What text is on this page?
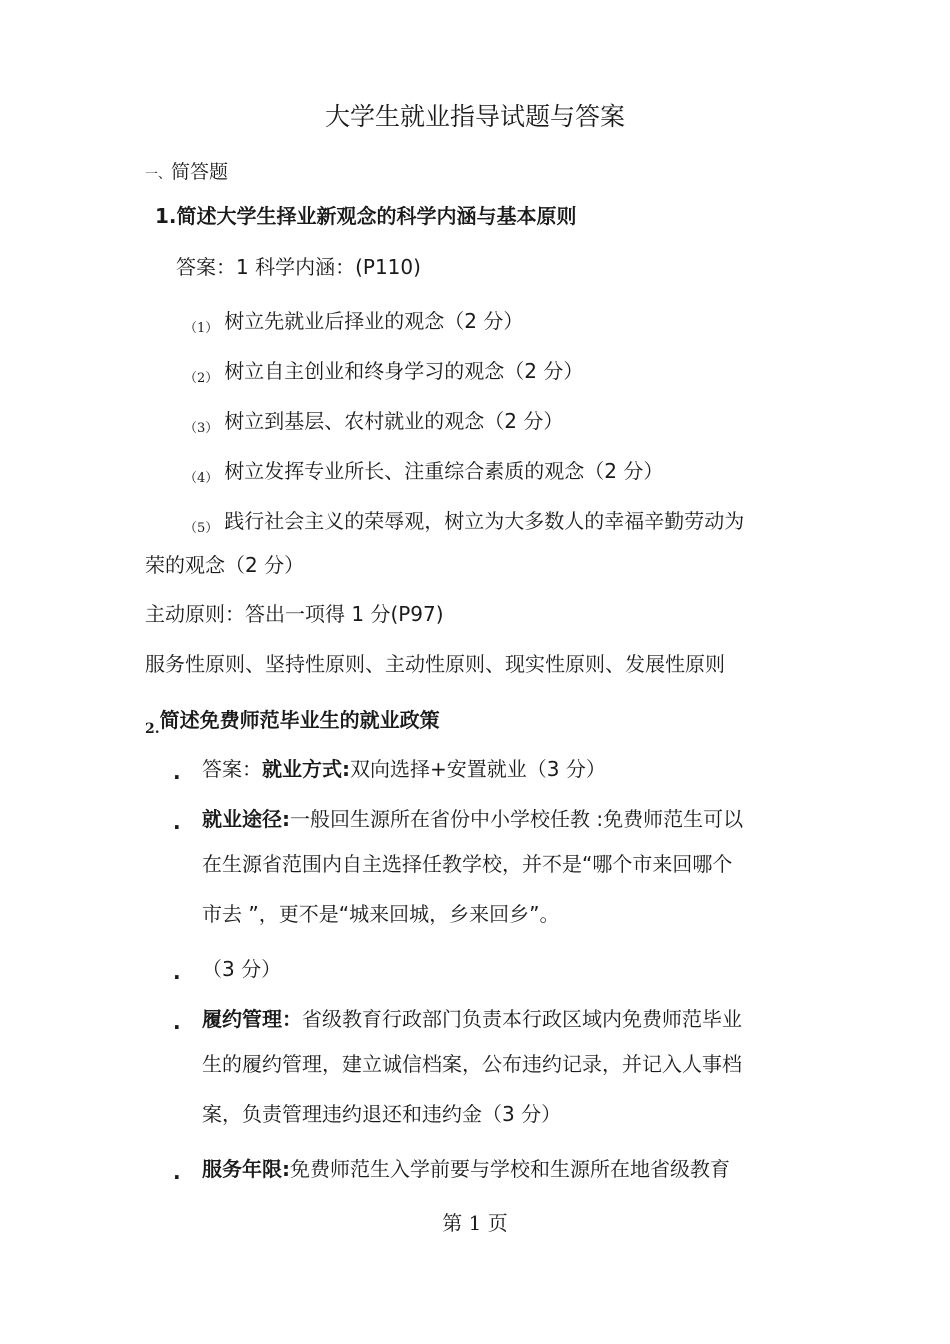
大学生就业指导试题与答案
一、简答题
1.简述大学生择业新观念的科学内涵与基本原则
答案：1 科学内涵：(P110)
（1） 树立先就业后择业的观念（2 分）
（2） 树立自主创业和终身学习的观念（2 分）
（3） 树立到基层、农村就业的观念（2 分）
（4） 树立发挥专业所长、注重综合素质的观念（2 分）
（5） 践行社会主义的荣辱观，树立为大多数人的幸福辛勤劳动为
荣的观念（2 分）
主动原则：答出一项得 1 分(P97)
服务性原则、坚持性原则、主动性原则、现实性原则、发展性原则
$_{2.}$简述免费师范毕业生的就业政策
. 答案：就业方式:双向选择+安置就业（3 分）
. 就业途径:一般回生源所在省份中小学校任教 :免费师范生可以
在生源省范围内自主选择任教学校，并不是“哪个市来回哪个
市去 ”，更不是“城来回城，乡来回乡”。
. （3 分）
. 履约管理：省级教育行政部门负责本行政区域内免费师范毕业
生的履约管理，建立诚信档案，公布违约记录，并记入人事档
案，负责管理违约退还和违约金（3 分）
. 服务年限:免费师范生入学前要与学校和生源所在地省级教育
第 1 页
